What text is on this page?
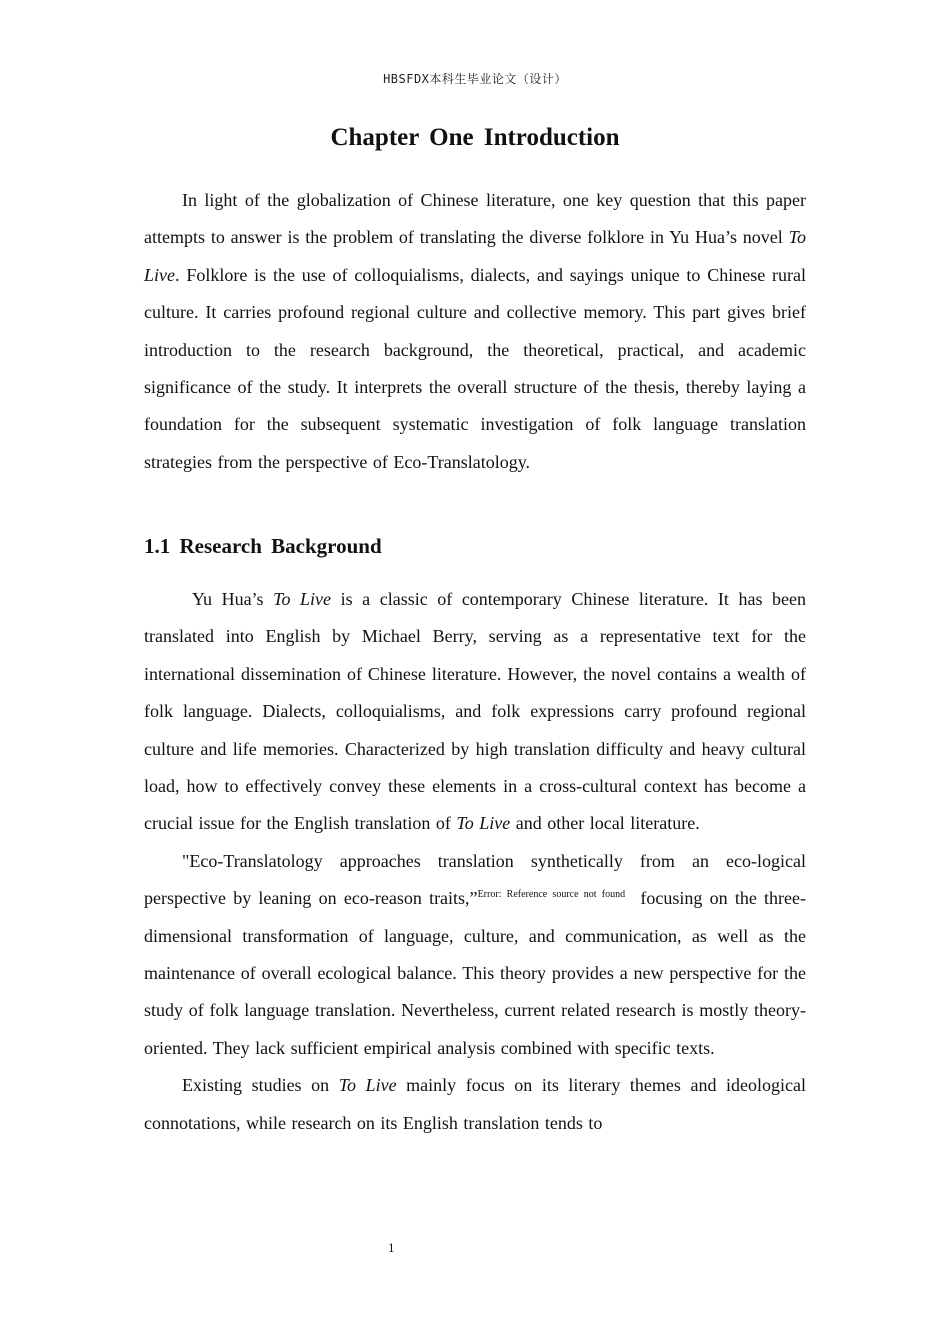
HBSFDX本科生毕业论文（设计）
Chapter One Introduction

In light of the globalization of Chinese literature, one key question that this paper attempts to answer is the problem of translating the diverse folklore in Yu Hua’s novel To Live. Folklore is the use of colloquialisms, dialects, and sayings unique to Chinese rural culture. It carries profound regional culture and collective memory. This part gives brief introduction to the research background, the theoretical, practical, and academic significance of the study. It interprets the overall structure of the thesis, thereby laying a foundation for the subsequent systematic investigation of folk language translation strategies from the perspective of Eco-Translatology.

1.1 Research Background

Yu Hua’s To Live is a classic of contemporary Chinese literature. It has been translated into English by Michael Berry, serving as a representative text for the international dissemination of Chinese literature. However, the novel contains a wealth of folk language. Dialects, colloquialisms, and folk expressions carry profound regional culture and life memories. Characterized by high translation difficulty and heavy cultural load, how to effectively convey these elements in a cross-cultural context has become a crucial issue for the English translation of To Live and other local literature.

"Eco-Translatology approaches translation synthetically from an eco-logical perspective by leaning on eco-reason traits,”$^{Error: Reference source not found}$ focusing on the three-dimensional transformation of language, culture, and communication, as well as the maintenance of overall ecological balance. This theory provides a new perspective for the study of folk language translation. Nevertheless, current related research is mostly theory-oriented. They lack sufficient empirical analysis combined with specific texts.

Existing studies on To Live mainly focus on its literary themes and ideological connotations, while research on its English translation tends to

1
